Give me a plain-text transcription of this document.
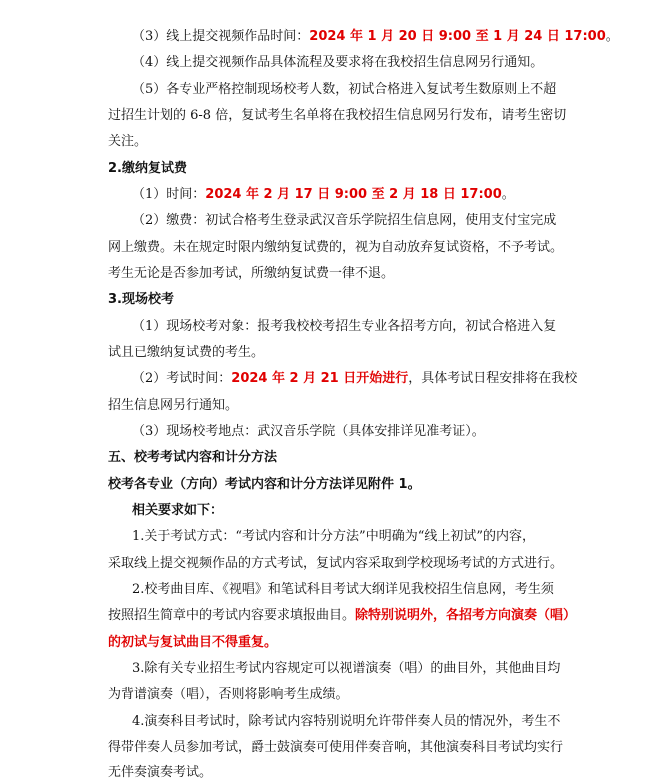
（3）线上提交视频作品时间：2024 年 1 月 20 日 9:00 至 1 月 24 日 17:00。
（4）线上提交视频作品具体流程及要求将在我校招生信息网另行通知。
（5）各专业严格控制现场校考人数，初试合格进入复试考生数原则上不超
过招生计划的 6-8 倍，复试考生名单将在我校招生信息网另行发布，请考生密切
关注。
2.缴纳复试费
（1）时间：2024 年 2 月 17 日 9:00 至 2 月 18 日 17:00。
（2）缴费：初试合格考生登录武汉音乐学院招生信息网，使用支付宝完成
网上缴费。未在规定时限内缴纳复试费的，视为自动放弃复试资格，不予考试。
考生无论是否参加考试，所缴纳复试费一律不退。
3.现场校考
（1）现场校考对象：报考我校校考招生专业各招考方向，初试合格进入复
试且已缴纳复试费的考生。
（2）考试时间：2024 年 2 月 21 日开始进行，具体考试日程安排将在我校
招生信息网另行通知。
（3）现场校考地点：武汉音乐学院（具体安排详见准考证）。
五、校考考试内容和计分方法
校考各专业（方向）考试内容和计分方法详见附件 1。
相关要求如下：
1.关于考试方式：“考试内容和计分方法”中明确为“线上初试”的内容，
采取线上提交视频作品的方式考试，复试内容采取到学校现场考试的方式进行。
2.校考曲目库、《视唱》和笔试科目考试大纲详见我校招生信息网，考生须
按照招生简章中的考试内容要求填报曲目。除特别说明外，各招考方向演奏（唱）
的初试与复试曲目不得重复。
3.除有关专业招生考试内容规定可以视谱演奏（唱）的曲目外，其他曲目均
为背谱演奏（唱），否则将影响考生成绩。
4.演奏科目考试时，除考试内容特别说明允许带伴奏人员的情况外，考生不
得带伴奏人员参加考试，爵士鼓演奏可使用伴奏音响，其他演奏科目考试均实行
无伴奏演奏考试。
